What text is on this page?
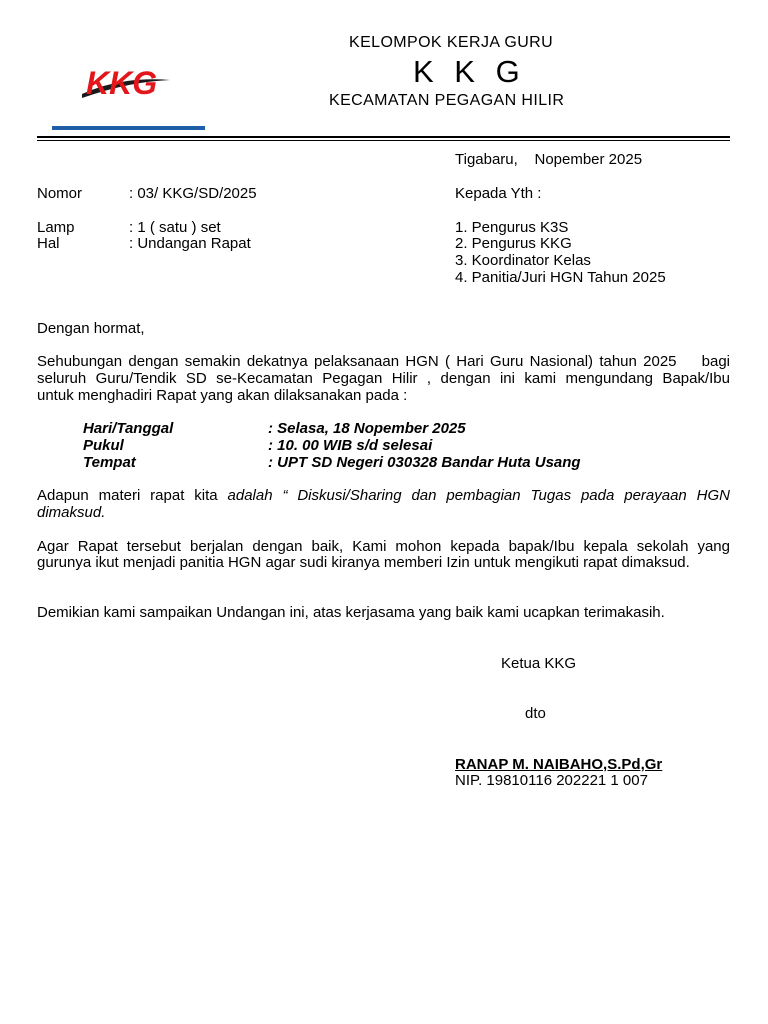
KKG
KELOMPOK KERJA GURU
K K G
KECAMATAN PEGAGAN HILIR
Tigabaru,    Nopember 2025
Nomor	: 03/ KKG/SD/2025
Lamp	: 1 ( satu ) set
Hal	: Undangan Rapat
Kepada Yth :
1. Pengurus K3S
2. Pengurus KKG
3. Koordinator Kelas
4. Panitia/Juri HGN Tahun 2025
Dengan hormat,
Sehubungan dengan semakin dekatnya pelaksanaan HGN ( Hari Guru Nasional) tahun 2025    bagi
seluruh Guru/Tendik SD se-Kecamatan Pegagan Hilir , dengan ini kami mengundang Bapak/Ibu
untuk menghadiri Rapat yang akan dilaksanakan pada :
Hari/Tanggal	: Selasa, 18 Nopember 2025
Pukul	: 10. 00 WIB s/d selesai
Tempat	: UPT SD Negeri 030328 Bandar Huta Usang
Adapun materi rapat kita adalah “ Diskusi/Sharing dan pembagian Tugas pada perayaan HGN
dimaksud.
Agar Rapat tersebut berjalan dengan baik, Kami mohon kepada bapak/Ibu kepala sekolah yang
gurunya ikut menjadi panitia HGN agar sudi kiranya memberi Izin untuk mengikuti rapat dimaksud.
Demikian kami sampaikan Undangan ini, atas kerjasama yang baik kami ucapkan terimakasih.
Ketua KKG
dto
RANAP M. NAIBAHO,S.Pd,Gr
NIP. 19810116 202221 1 007
